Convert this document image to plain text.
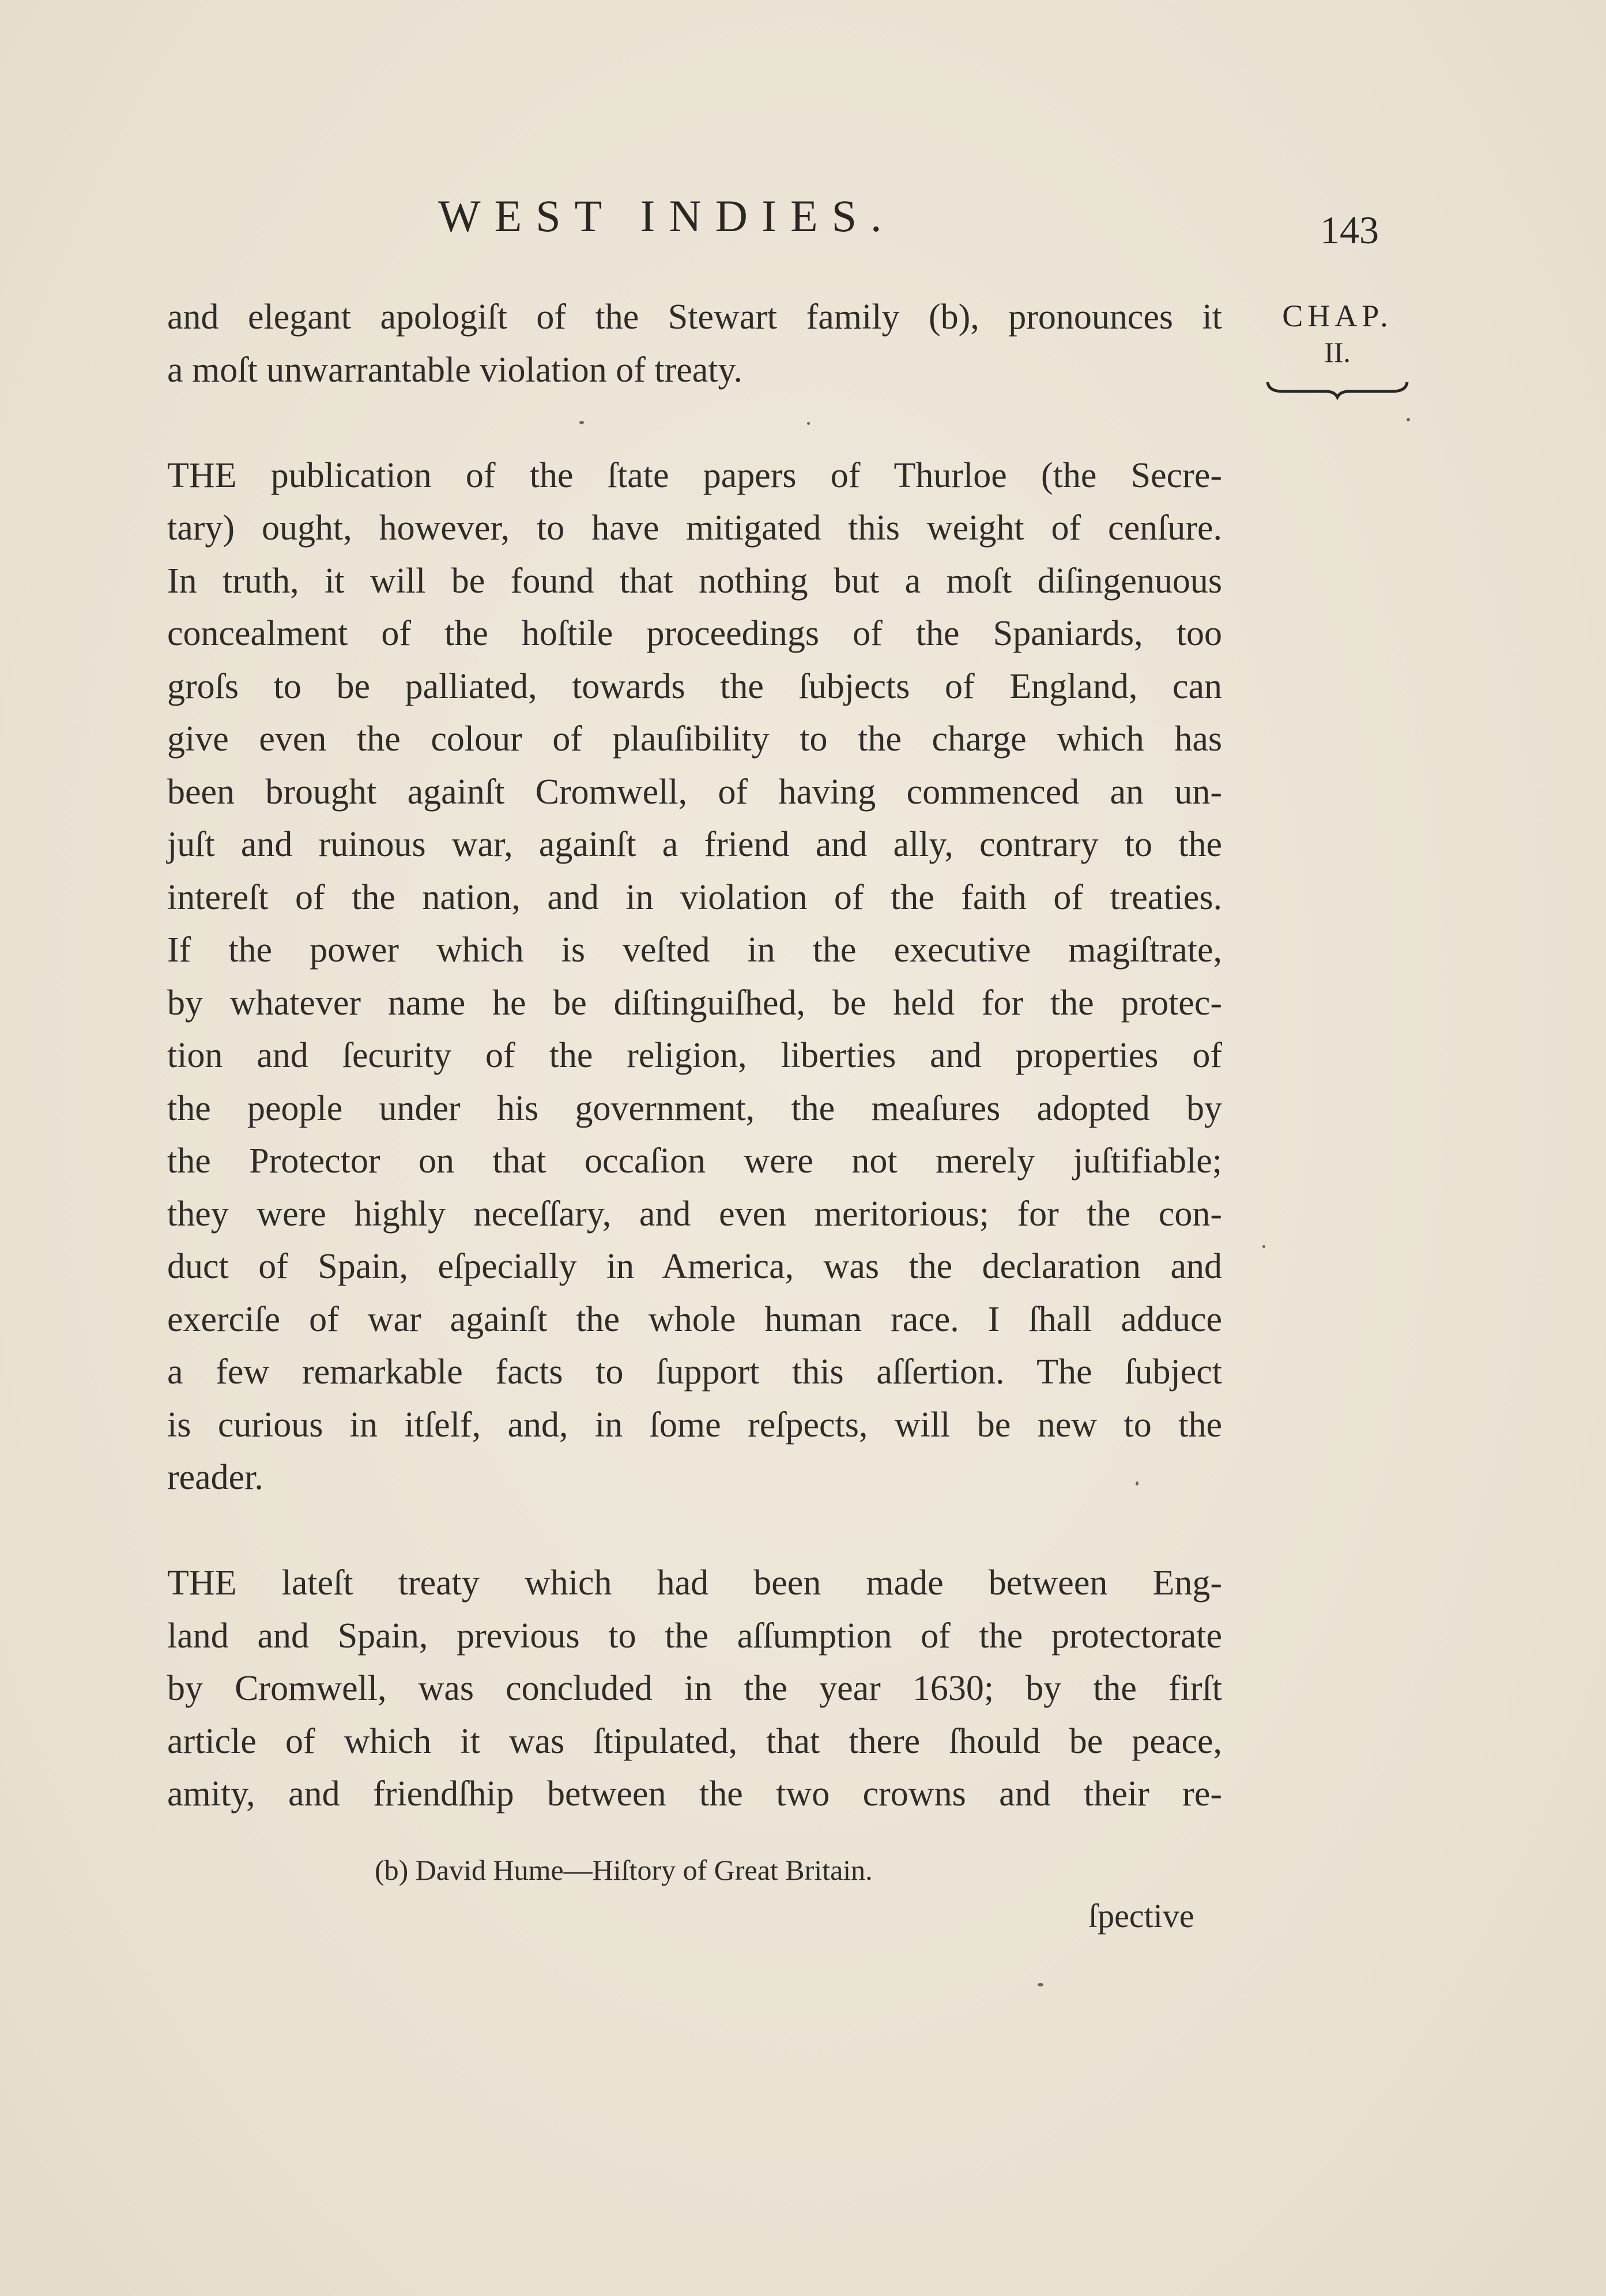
WEST INDIES.	143
CHAP.
II.
and elegant apologiſt of the Stewart family (b), pronounces it
a moſt unwarrantable violation of treaty.
THE publication of the ſtate papers of Thurloe (the Secre-
tary) ought, however, to have mitigated this weight of cenſure.
In truth, it will be found that nothing but a moſt diſingenuous
concealment of the hoſtile proceedings of the Spaniards, too
groſs to be palliated, towards the ſubjects of England, can
give even the colour of plauſibility to the charge which has
been brought againſt Cromwell, of having commenced an un-
juſt and ruinous war, againſt a friend and ally, contrary to the
intereſt of the nation, and in violation of the faith of treaties.
If the power which is veſted in the executive magiſtrate,
by whatever name he be diſtinguiſhed, be held for the protec-
tion and ſecurity of the religion, liberties and properties of
the people under his government, the meaſures adopted by
the Protector on that occaſion were not merely juſtifiable;
they were highly neceſſary, and even meritorious; for the con-
duct of Spain, eſpecially in America, was the declaration and
exerciſe of war againſt the whole human race. I ſhall adduce
a few remarkable facts to ſupport this aſſertion. The ſubject
is curious in itſelf, and, in ſome reſpects, will be new to the
reader.
THE lateſt treaty which had been made between Eng-
land and Spain, previous to the aſſumption of the protectorate
by Cromwell, was concluded in the year 1630; by the firſt
article of which it was ſtipulated, that there ſhould be peace,
amity, and friendſhip between the two crowns and their re-
(b) David Hume—Hiſtory of Great Britain.
ſpective
